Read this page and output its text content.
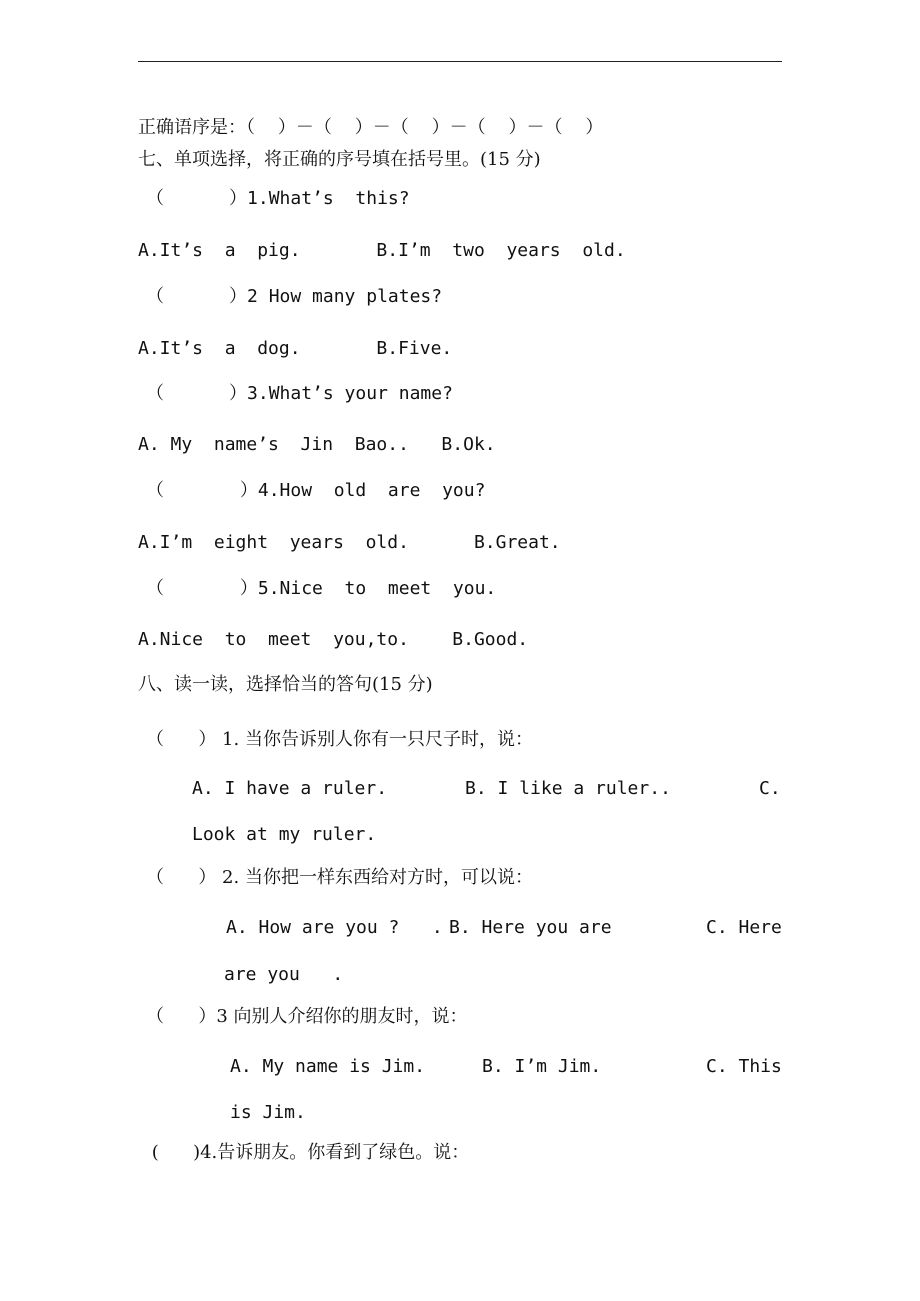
正确语序是：（    ）－（    ）－（    ）－（    ）－（    ）
七、单项选择，将正确的序号填在括号里。(15 分)
（      ）1.What’s  this?
A.It’s  a  pig.       B.I’m  two  years  old.
（      ）2 How many plates?
A.It’s  a  dog.       B.Five.
（      ）3.What’s your name?
A. My  name’s  Jin  Bao..   B.Ok.
（       ）4.How  old  are  you?
A.I’m  eight  years  old.      B.Great.
（       ）5.Nice  to  meet  you.
A.Nice  to  meet  you,to.    B.Good.
八、读一读，选择恰当的答句(15 分)
（      ） 1. 当你告诉别人你有一只尺子时，说：
A. I have a ruler.	B. I like a ruler..	C.
Look at my ruler.
（      ） 2. 当你把一样东西给对方时，可以说：
A. How are you ?   . B. Here you are	C. Here
are you   .
（      ）3 向别人介绍你的朋友时，说：
A. My name is Jim.	B. I’m Jim.	C. This
is Jim.
(      )4.告诉朋友。你看到了绿色。说：
